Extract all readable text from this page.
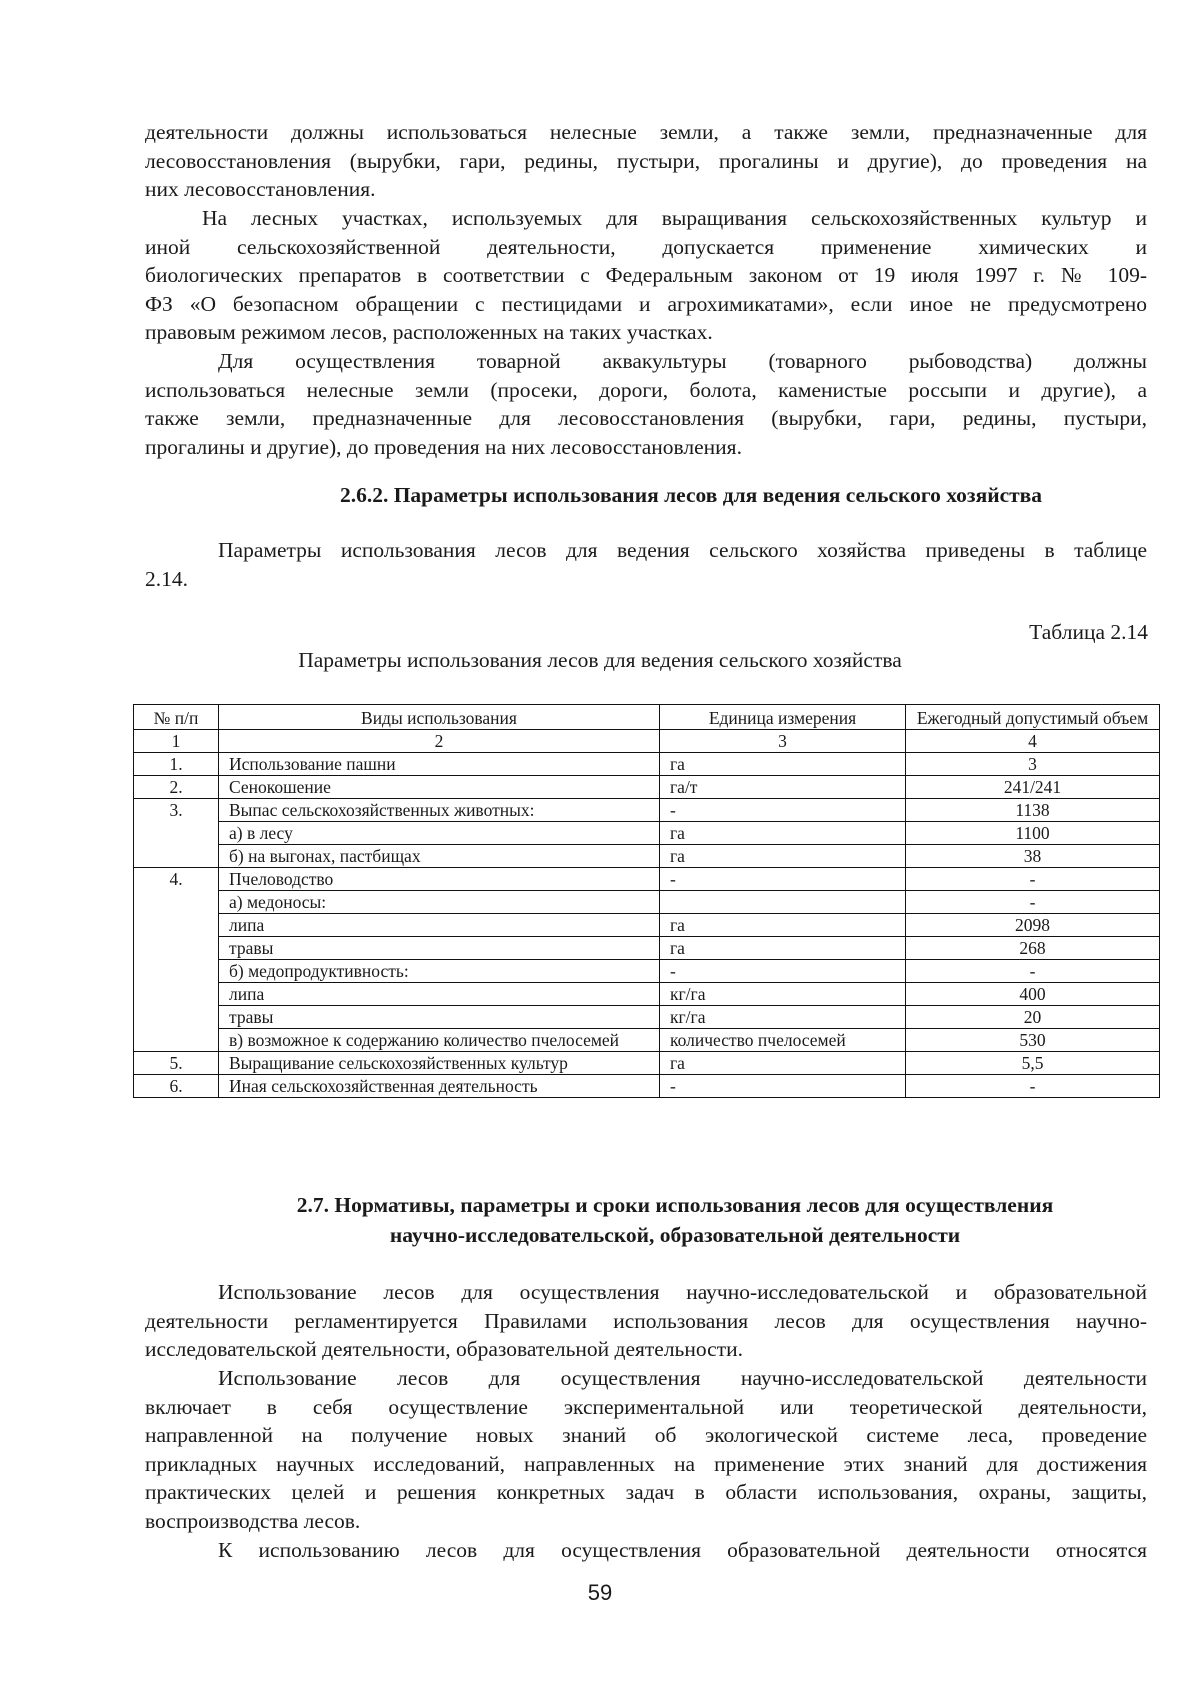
деятельности должны использоваться нелесные земли, а также земли, предназначенные для

лесовосстановления (вырубки, гари, редины, пустыри, прогалины и другие), до проведения на

них лесовосстановления.

На лесных участках, используемых для выращивания сельскохозяйственных культур и

иной сельскохозяйственной деятельности, допускается применение химических и

биологических препаратов в соответствии с Федеральным законом от 19 июля 1997 г. № 109-

ФЗ «О безопасном обращении с пестицидами и агрохимикатами», если иное не предусмотрено

правовым режимом лесов, расположенных на таких участках.

Для осуществления товарной аквакультуры (товарного рыбоводства) должны

использоваться нелесные земли (просеки, дороги, болота, каменистые россыпи и другие), а

также земли, предназначенные для лесовосстановления (вырубки, гари, редины, пустыри,

прогалины и другие), до проведения на них лесовосстановления.

2.6.2. Параметры использования лесов для ведения сельского хозяйства

Параметры использования лесов для ведения сельского хозяйства приведены в таблице

2.14.

Таблица 2.14
Параметры использования лесов для ведения сельского хозяйства
№ п/п	Виды использования	Единица измерения	Ежегодный допустимый объем
1	2	3	4
1.	Использование пашни	га	3
2.	Сенокошение	га/т	241/241
3.	Выпас сельскохозяйственных животных:	-	1138
	а) в лесу	га	1100
	б) на выгонах, пастбищах	га	38
4.	Пчеловодство	-	-
	а) медоносы:		-
	липа	га	2098
	травы	га	268
	б) медопродуктивность:	-	-
	липа	кг/га	400
	травы	кг/га	20
	в) возможное к содержанию количество пчелосемей	количество пчелосемей	530
5.	Выращивание сельскохозяйственных культур	га	5,5
6.	Иная сельскохозяйственная деятельность	-	-
2.7. Нормативы, параметры и сроки использования лесов для осуществления
научно-исследовательской, образовательной деятельности

Использование лесов для осуществления научно-исследовательской и образовательной

деятельности регламентируется Правилами использования лесов для осуществления научно-

исследовательской деятельности, образовательной деятельности.

Использование лесов для осуществления научно-исследовательской деятельности

включает в себя осуществление экспериментальной или теоретической деятельности,

направленной на получение новых знаний об экологической системе леса, проведение

прикладных научных исследований, направленных на применение этих знаний для достижения

практических целей и решения конкретных задач в области использования, охраны, защиты,

воспроизводства лесов.

К использованию лесов для осуществления образовательной деятельности относятся

59
